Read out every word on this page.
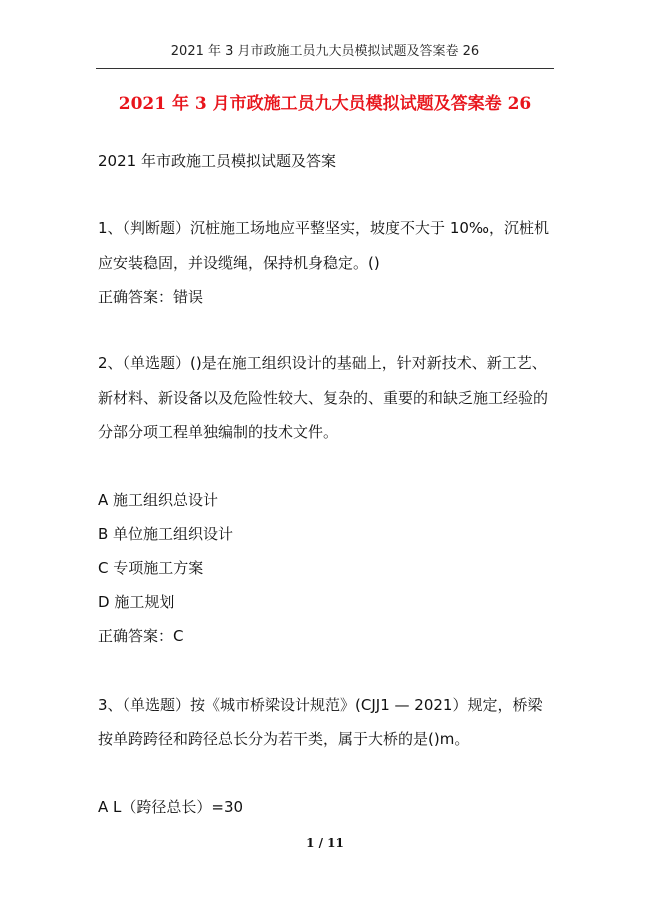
2021 年 3 月市政施工员九大员模拟试题及答案卷 26
2021 年 3 月市政施工员九大员模拟试题及答案卷 26
2021 年市政施工员模拟试题及答案
1、（判断题）沉桩施工场地应平整坚实，坡度不大于 10‰，沉桩机
应安装稳固，并设缆绳，保持机身稳定。()
正确答案：错误
2、（单选题）()是在施工组织设计的基础上，针对新技术、新工艺、
新材料、新设备以及危险性较大、复杂的、重要的和缺乏施工经验的
分部分项工程单独编制的技术文件。
A 施工组织总设计
B 单位施工组织设计
C 专项施工方案
D 施工规划
正确答案：C
3、（单选题）按《城市桥梁设计规范》(CJJ1 — 2021）规定，桥梁
按单跨跨径和跨径总长分为若干类，属于大桥的是()m。
A L（跨径总长）=30
1 / 11
